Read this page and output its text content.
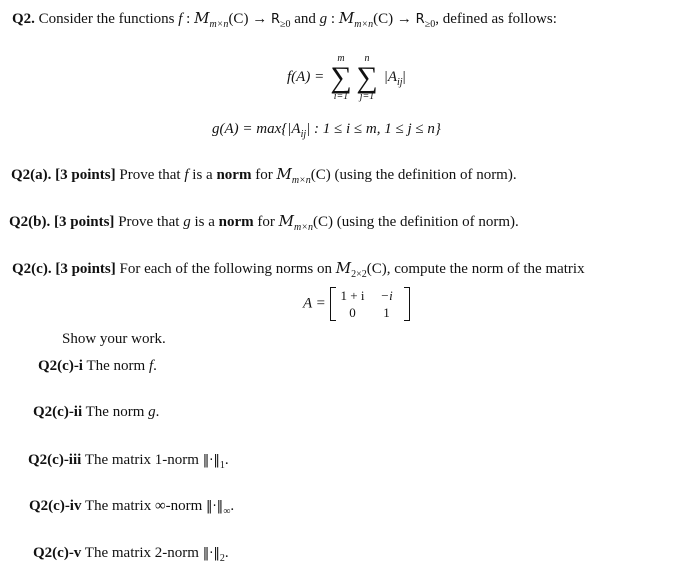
Q2. Consider the functions f : $M_{m\times n}(C) \to R_{\ge 0}$ and g : $M_{m\times n}(C) \to R_{\ge 0}$, defined as follows:
f(A) =
m
∑
i=1
n
∑
j=1
$|A_{ij}|$
$g(A) = \max\{|A_{ij}|$ : 1 ≤ i ≤ m, 1 ≤ j ≤ n}
Q2(a). [3 points] Prove that f is a norm for $M_{m\times n}(C)$ (using the definition of norm).
Q2(b). [3 points] Prove that g is a norm for $M_{m\times n}(C)$ (using the definition of norm).
Q2(c). [3 points] For each of the following norms on $M_{2\times 2}(C)$, compute the norm of the matrix
A =
1 + i	−i
0	1
Show your work.
Q2(c)-i The norm f.
Q2(c)-ii The norm g.
Q2(c)-iii The matrix 1-norm $‖\cdot‖_1$.
Q2(c)-iv The matrix ∞-norm $‖\cdot‖_\infty$.
Q2(c)-v The matrix 2-norm $‖\cdot‖_2$.
